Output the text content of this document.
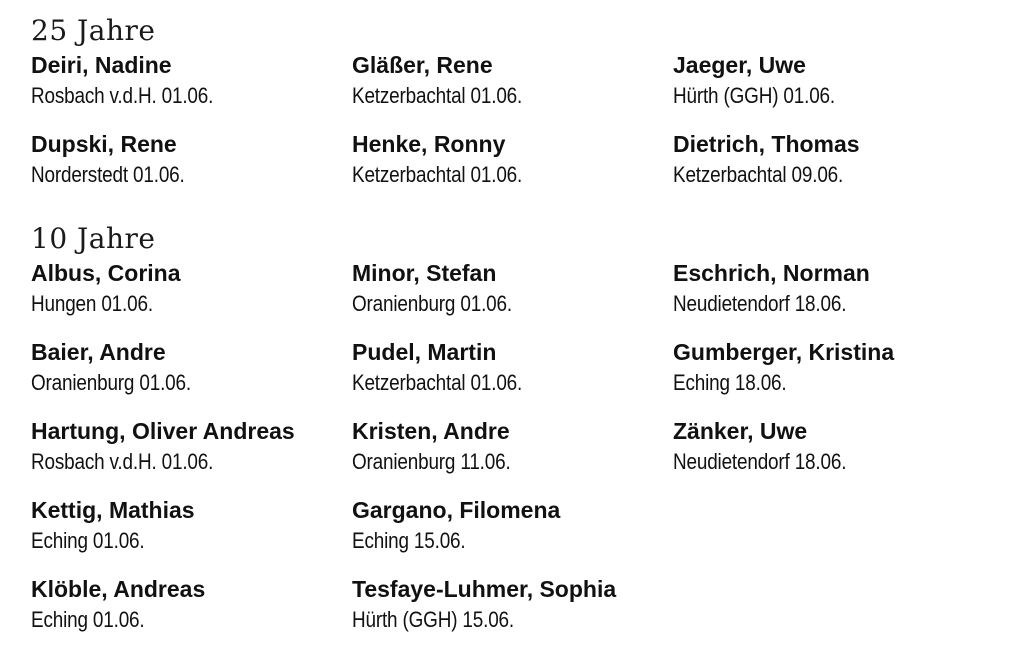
25 Jahre
Deiri, Nadine
Rosbach v.d.H. 01.06.
Dupski, Rene
Norderstedt 01.06.
Gläßer, Rene
Ketzerbachtal 01.06.
Henke, Ronny
Ketzerbachtal 01.06.
Jaeger, Uwe
Hürth (GGH) 01.06.
Dietrich, Thomas
Ketzerbachtal 09.06.
10 Jahre
Albus, Corina
Hungen 01.06.
Baier, Andre
Oranienburg 01.06.
Hartung, Oliver Andreas
Rosbach v.d.H. 01.06.
Kettig, Mathias
Eching 01.06.
Klöble, Andreas
Eching 01.06.
Minor, Stefan
Oranienburg 01.06.
Pudel, Martin
Ketzerbachtal 01.06.
Kristen, Andre
Oranienburg 11.06.
Gargano, Filomena
Eching 15.06.
Tesfaye-Luhmer, Sophia
Hürth (GGH) 15.06.
Eschrich, Norman
Neudietendorf 18.06.
Gumberger, Kristina
Eching 18.06.
Zänker, Uwe
Neudietendorf 18.06.
